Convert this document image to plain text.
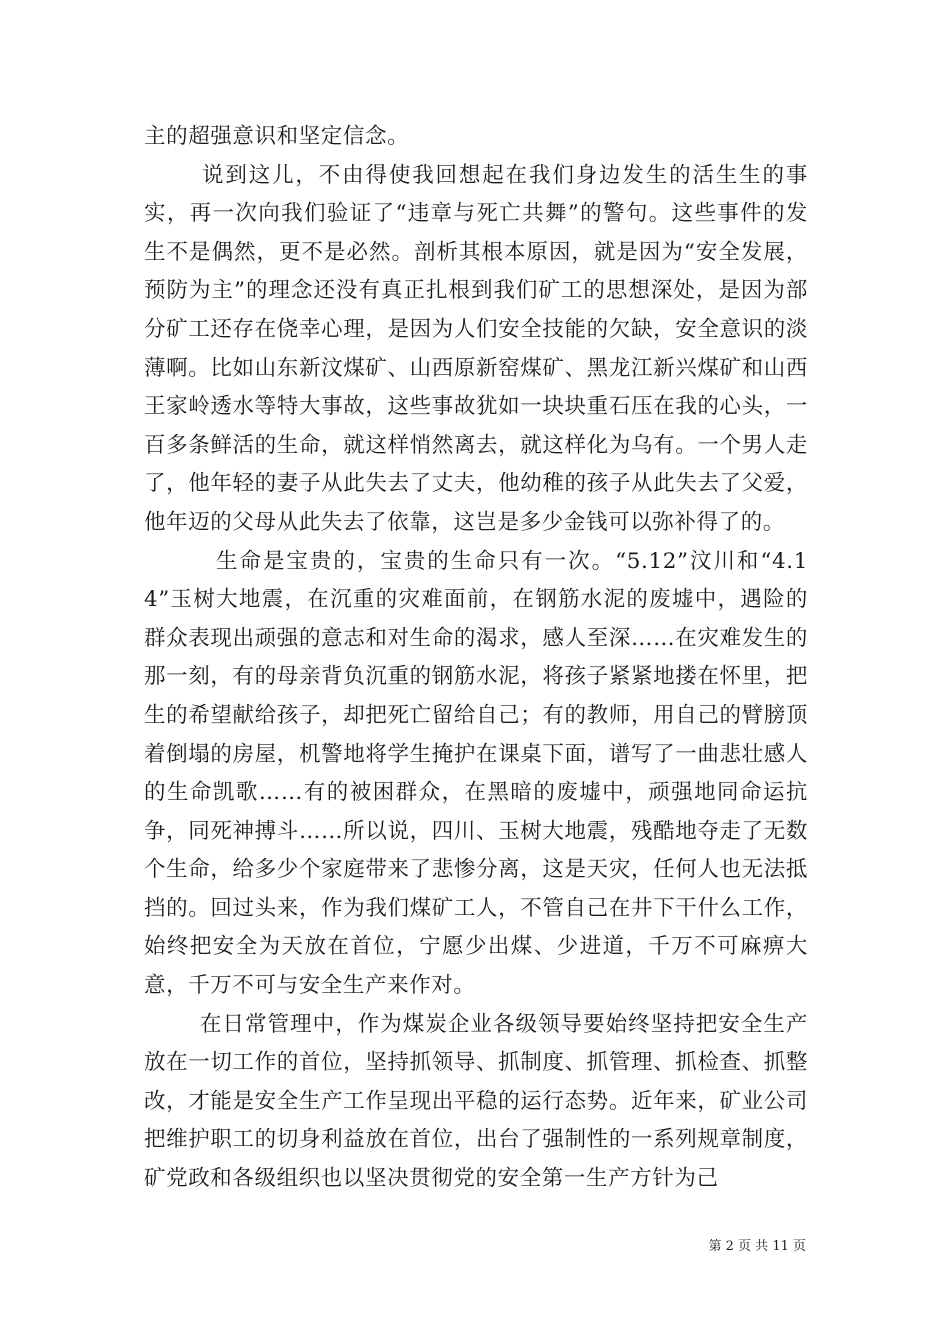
主的超强意识和坚定信念。

说到这儿，不由得使我回想起在我们身边发生的活生生的事实，再一次向我们验证了“违章与死亡共舞”的警句。这些事件的发生不是偶然，更不是必然。剖析其根本原因，就是因为“安全发展，预防为主”的理念还没有真正扎根到我们矿工的思想深处，是因为部分矿工还存在侥幸心理，是因为人们安全技能的欠缺，安全意识的淡薄啊。比如山东新汶煤矿、山西原新窑煤矿、黑龙江新兴煤矿和山西王家岭透水等特大事故，这些事故犹如一块块重石压在我的心头，一百多条鲜活的生命，就这样悄然离去，就这样化为乌有。一个男人走了，他年轻的妻子从此失去了丈夫，他幼稚的孩子从此失去了父爱，他年迈的父母从此失去了依靠，这岂是多少金钱可以弥补得了的。

生命是宝贵的，宝贵的生命只有一次。“5.12”汶川和“4.14”玉树大地震，在沉重的灾难面前，在钢筋水泥的废墟中，遇险的群众表现出顽强的意志和对生命的渴求，感人至深……在灾难发生的那一刻，有的母亲背负沉重的钢筋水泥，将孩子紧紧地搂在怀里，把生的希望献给孩子，却把死亡留给自己；有的教师，用自己的臂膀顶着倒塌的房屋，机警地将学生掩护在课桌下面，谱写了一曲悲壮感人的生命凯歌……有的被困群众，在黑暗的废墟中，顽强地同命运抗争，同死神搏斗……所以说，四川、玉树大地震，残酷地夺走了无数个生命，给多少个家庭带来了悲惨分离，这是天灾，任何人也无法抵挡的。回过头来，作为我们煤矿工人，不管自己在井下干什么工作，始终把安全为天放在首位，宁愿少出煤、少进道，千万不可麻痹大意，千万不可与安全生产来作对。

在日常管理中，作为煤炭企业各级领导要始终坚持把安全生产放在一切工作的首位，坚持抓领导、抓制度、抓管理、抓检查、抓整改，才能是安全生产工作呈现出平稳的运行态势。近年来，矿业公司把维护职工的切身利益放在首位，出台了强制性的一系列规章制度，矿党政和各级组织也以坚决贯彻党的安全第一生产方针为己

第 2 页 共 11 页
